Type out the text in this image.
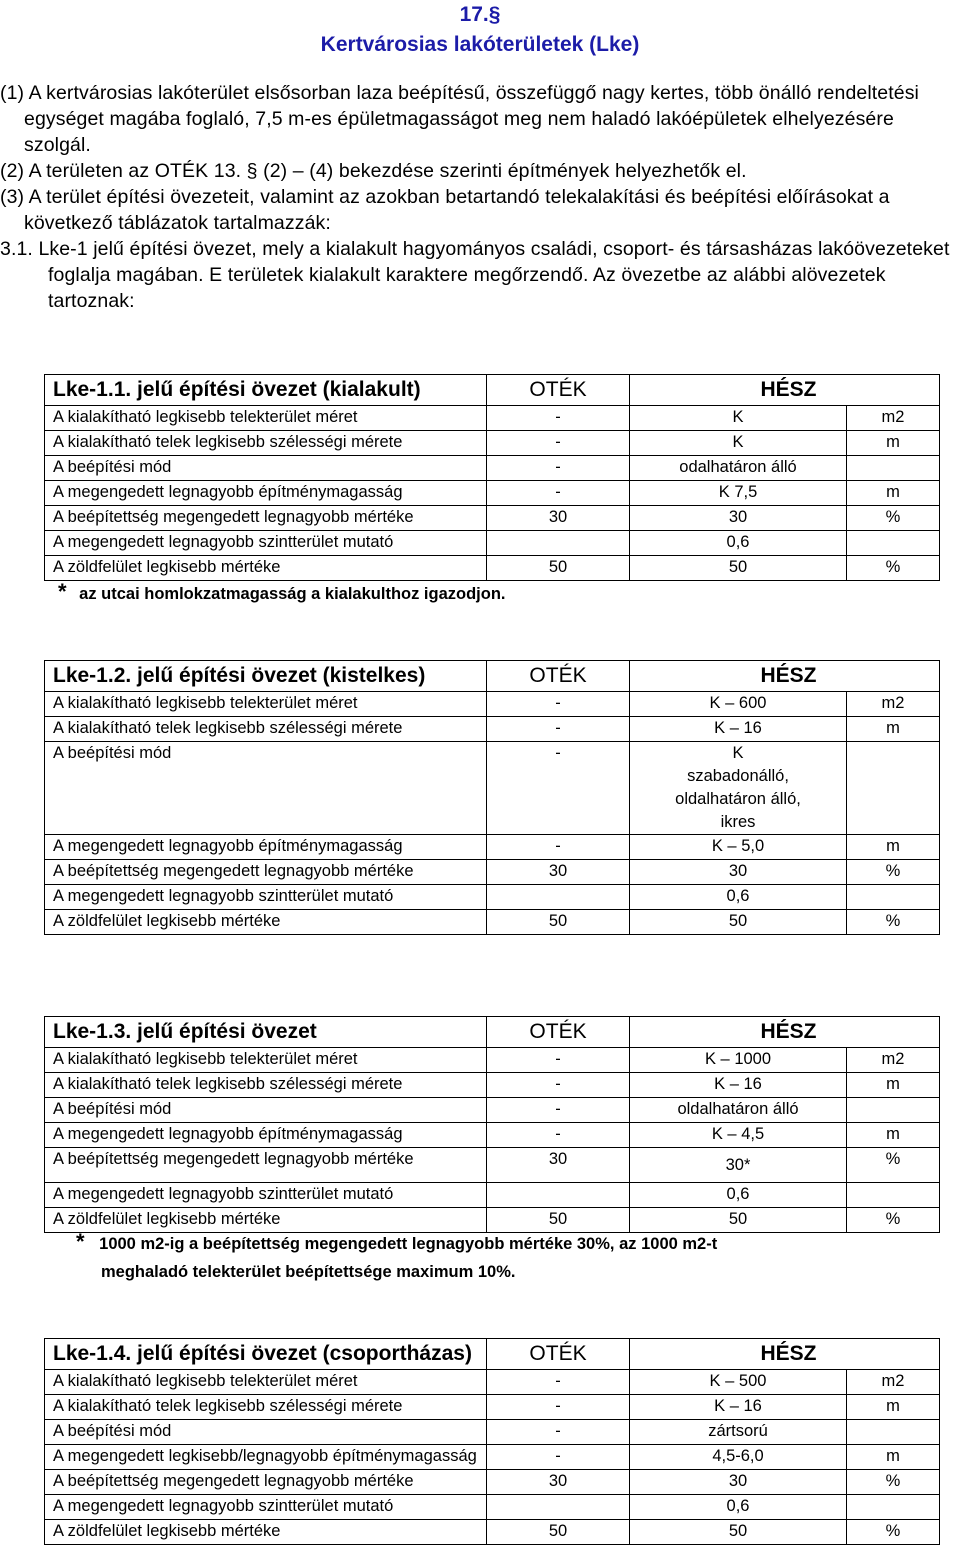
17.§
Kertvárosias lakóterületek (Lke)

(1) A kertvárosias lakóterület elsősorban laza beépítésű, összefüggő nagy kertes, több önálló rendeltetési egységet magába foglaló, 7,5 m-es épületmagasságot meg nem haladó lakóépületek elhelyezésére szolgál.

(2) A területen az OTÉK 13. § (2) – (4) bekezdése szerinti építmények helyezhetők el.

(3) A terület építési övezeteit, valamint az azokban betartandó telekalakítási és beépítési előírásokat a következő táblázatok tartalmazzák:

3.1. Lke-1 jelű építési övezet, mely a kialakult hagyományos családi, csoport- és társasházas lakóövezeteket foglalja magában. E területek kialakult karaktere megőrzendő. Az övezetbe az alábbi alövezetek tartoznak:

Lke-1.1. jelű építési övezet (kialakult)	OTÉK	HÉSZ	
A kialakítható legkisebb telekterület méret	-	K	m2
A kialakítható telek legkisebb szélességi mérete	-	K	m
A beépítési mód	-	odalhatáron álló	
A megengedett legnagyobb építménymagasság	-	K 7,5	m
A beépítettség megengedett legnagyobb mértéke	30	30	%
A megengedett legnagyobb szintterület mutató		0,6	
A zöldfelület legkisebb mértéke	50	50	%
* az utcai homlokzatmagasság a kialakulthoz igazodjon.
Lke-1.2. jelű építési övezet (kistelkes)	OTÉK	HÉSZ	
A kialakítható legkisebb telekterület méret	-	K – 600	m2
A kialakítható telek legkisebb szélességi mérete	-	K – 16	m
A beépítési mód	-	K
szabadonálló,
oldalhatáron álló,
ikres	

A megengedett legnagyobb építménymagasság	-	K – 5,0	m
A beépítettség megengedett legnagyobb mértéke	30	30	%
A megengedett legnagyobb szintterület mutató		0,6	
A zöldfelület legkisebb mértéke	50	50	%
Lke-1.3. jelű építési övezet	OTÉK	HÉSZ	
A kialakítható legkisebb telekterület méret	-	K – 1000	m2
A kialakítható telek legkisebb szélességi mérete	-	K – 16	m
A beépítési mód	-	oldalhatáron álló	
A megengedett legnagyobb építménymagasság	-	K – 4,5	m
A beépítettség megengedett legnagyobb mértéke	30	30*	%
A megengedett legnagyobb szintterület mutató		0,6	
A zöldfelület legkisebb mértéke	50	50	%
* 1000 m2-ig a beépítettség megengedett legnagyobb mértéke 30%, az 1000 m2-t
meghaladó telekterület beépítettsége maximum 10%.
Lke-1.4. jelű építési övezet (csoportházas)	OTÉK	HÉSZ	
A kialakítható legkisebb telekterület méret	-	K – 500	m2
A kialakítható telek legkisebb szélességi mérete	-	K – 16	m
A beépítési mód	-	zártsorú	
A megengedett legkisebb/legnagyobb építménymagasság	-	4,5-6,0	m
A beépítettség megengedett legnagyobb mértéke	30	30	%
A megengedett legnagyobb szintterület mutató		0,6	
A zöldfelület legkisebb mértéke	50	50	%
